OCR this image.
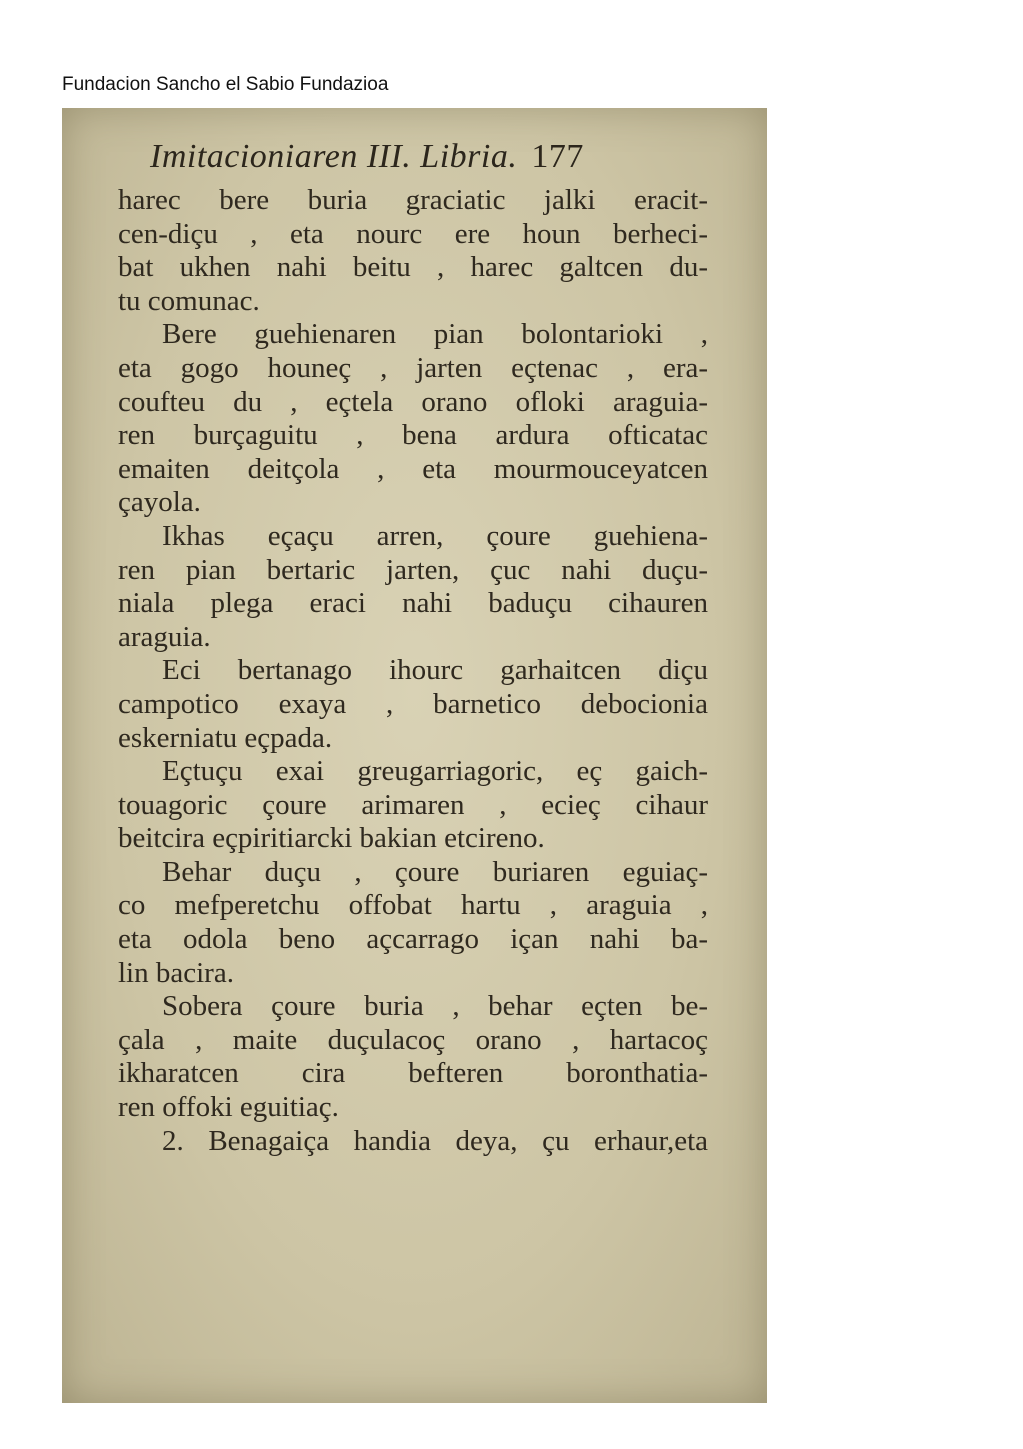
Fundacion Sancho el Sabio Fundazioa
Imitacioniaren III. Libria. 177
harec bere buria graciatic jalki eracit-
cen-diçu , eta nourc ere houn berheci-
bat ukhen nahi beitu , harec galtcen du-
tu comunac.
Bere guehienaren pian bolontarioki ,
eta gogo houneç , jarten eçtenac , era-
coufteu du , eçtela orano ofloki araguia-
ren burçaguitu , bena ardura ofticatac
emaiten deitçola , eta mourmouceyatcen
çayola.
Ikhas eçaçu arren, çoure guehiena-
ren pian bertaric jarten, çuc nahi duçu-
niala plega eraci nahi baduçu cihauren
araguia.
Eci bertanago ihourc garhaitcen diçu
campotico exaya , barnetico debocionia
eskerniatu eçpada.
Eçtuçu exai greugarriagoric, eç gaich-
touagoric çoure arimaren , ecieç cihaur
beitcira eçpiritiarcki bakian etcireno.
Behar duçu , çoure buriaren eguiaç-
co mefperetchu offobat hartu , araguia ,
eta odola beno açcarrago içan nahi ba-
lin bacira.
Sobera çoure buria , behar eçten be-
çala , maite duçulacoç orano , hartacoç
ikharatcen cira befteren boronthatia-
ren offoki eguitiaç.
2. Benagaiça handia deya, çu erhaur,eta
